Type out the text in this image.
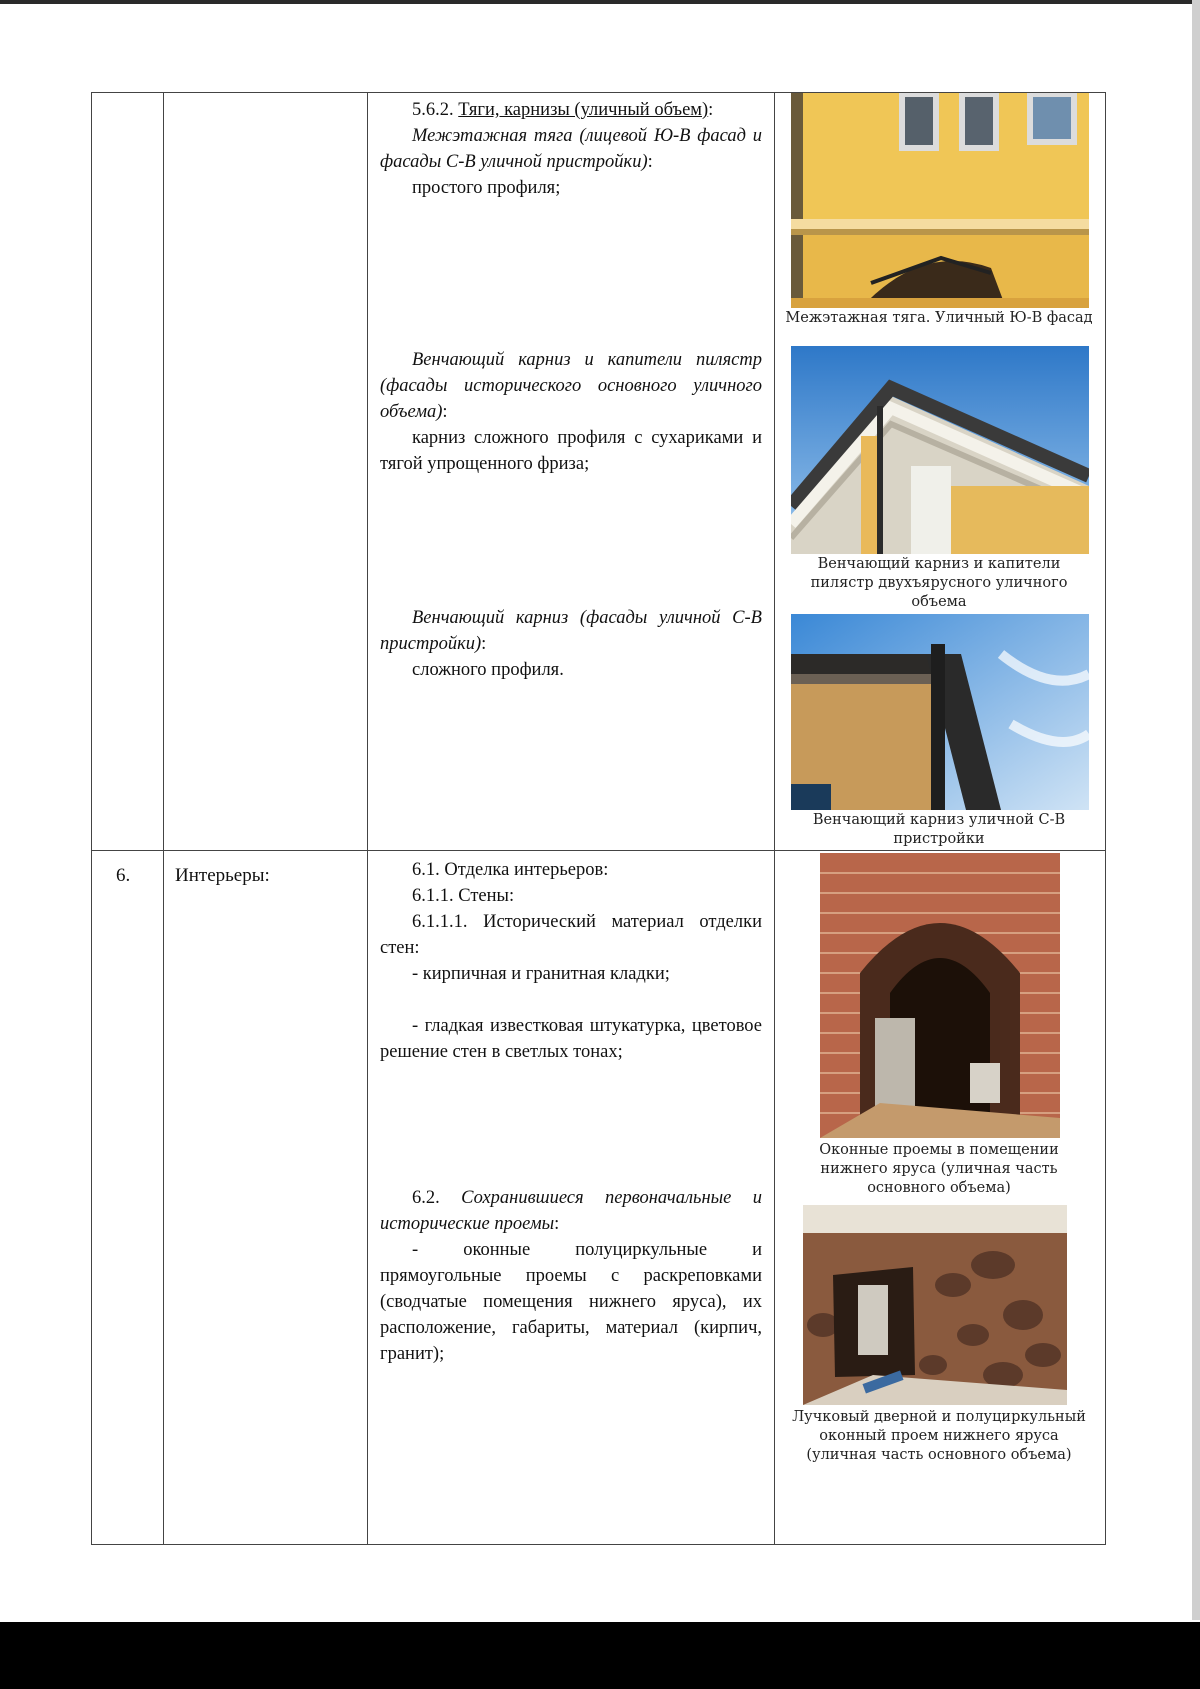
6. Интерьеры:

5.6.2. Тяги, карнизы (уличный объем):

Межэтажная тяга (лицевой Ю-В фасад и фасады С-В уличной пристройки):

простого профиля;

Венчающий карниз и капители пилястр (фасады исторического основного уличного объема):

карниз сложного профиля с сухариками и тягой упрощенного фриза;

Венчающий карниз (фасады уличной С-В пристройки):

сложного профиля.

6.1. Отделка интерьеров:

6.1.1. Стены:

6.1.1.1. Исторический материал отделки стен:

- кирпичная и гранитная кладки;

- гладкая известковая штукатурка, цветовое решение стен в светлых тонах;

6.2. Сохранившиеся первоначальные и исторические проемы:

- оконные полуциркульные и прямоугольные проемы с раскреповками (сводчатые помещения нижнего яруса), их расположение, габариты, материал (кирпич, гранит);

Межэтажная тяга. Уличный Ю-В фасад
Венчающий карниз и капители пилястр двухъярусного уличного объема
Венчающий карниз уличной С-В пристройки
Оконные проемы в помещении нижнего яруса (уличная часть основного объема)
Лучковый дверной и полуциркульный оконный проем нижнего яруса (уличная часть основного объема)
